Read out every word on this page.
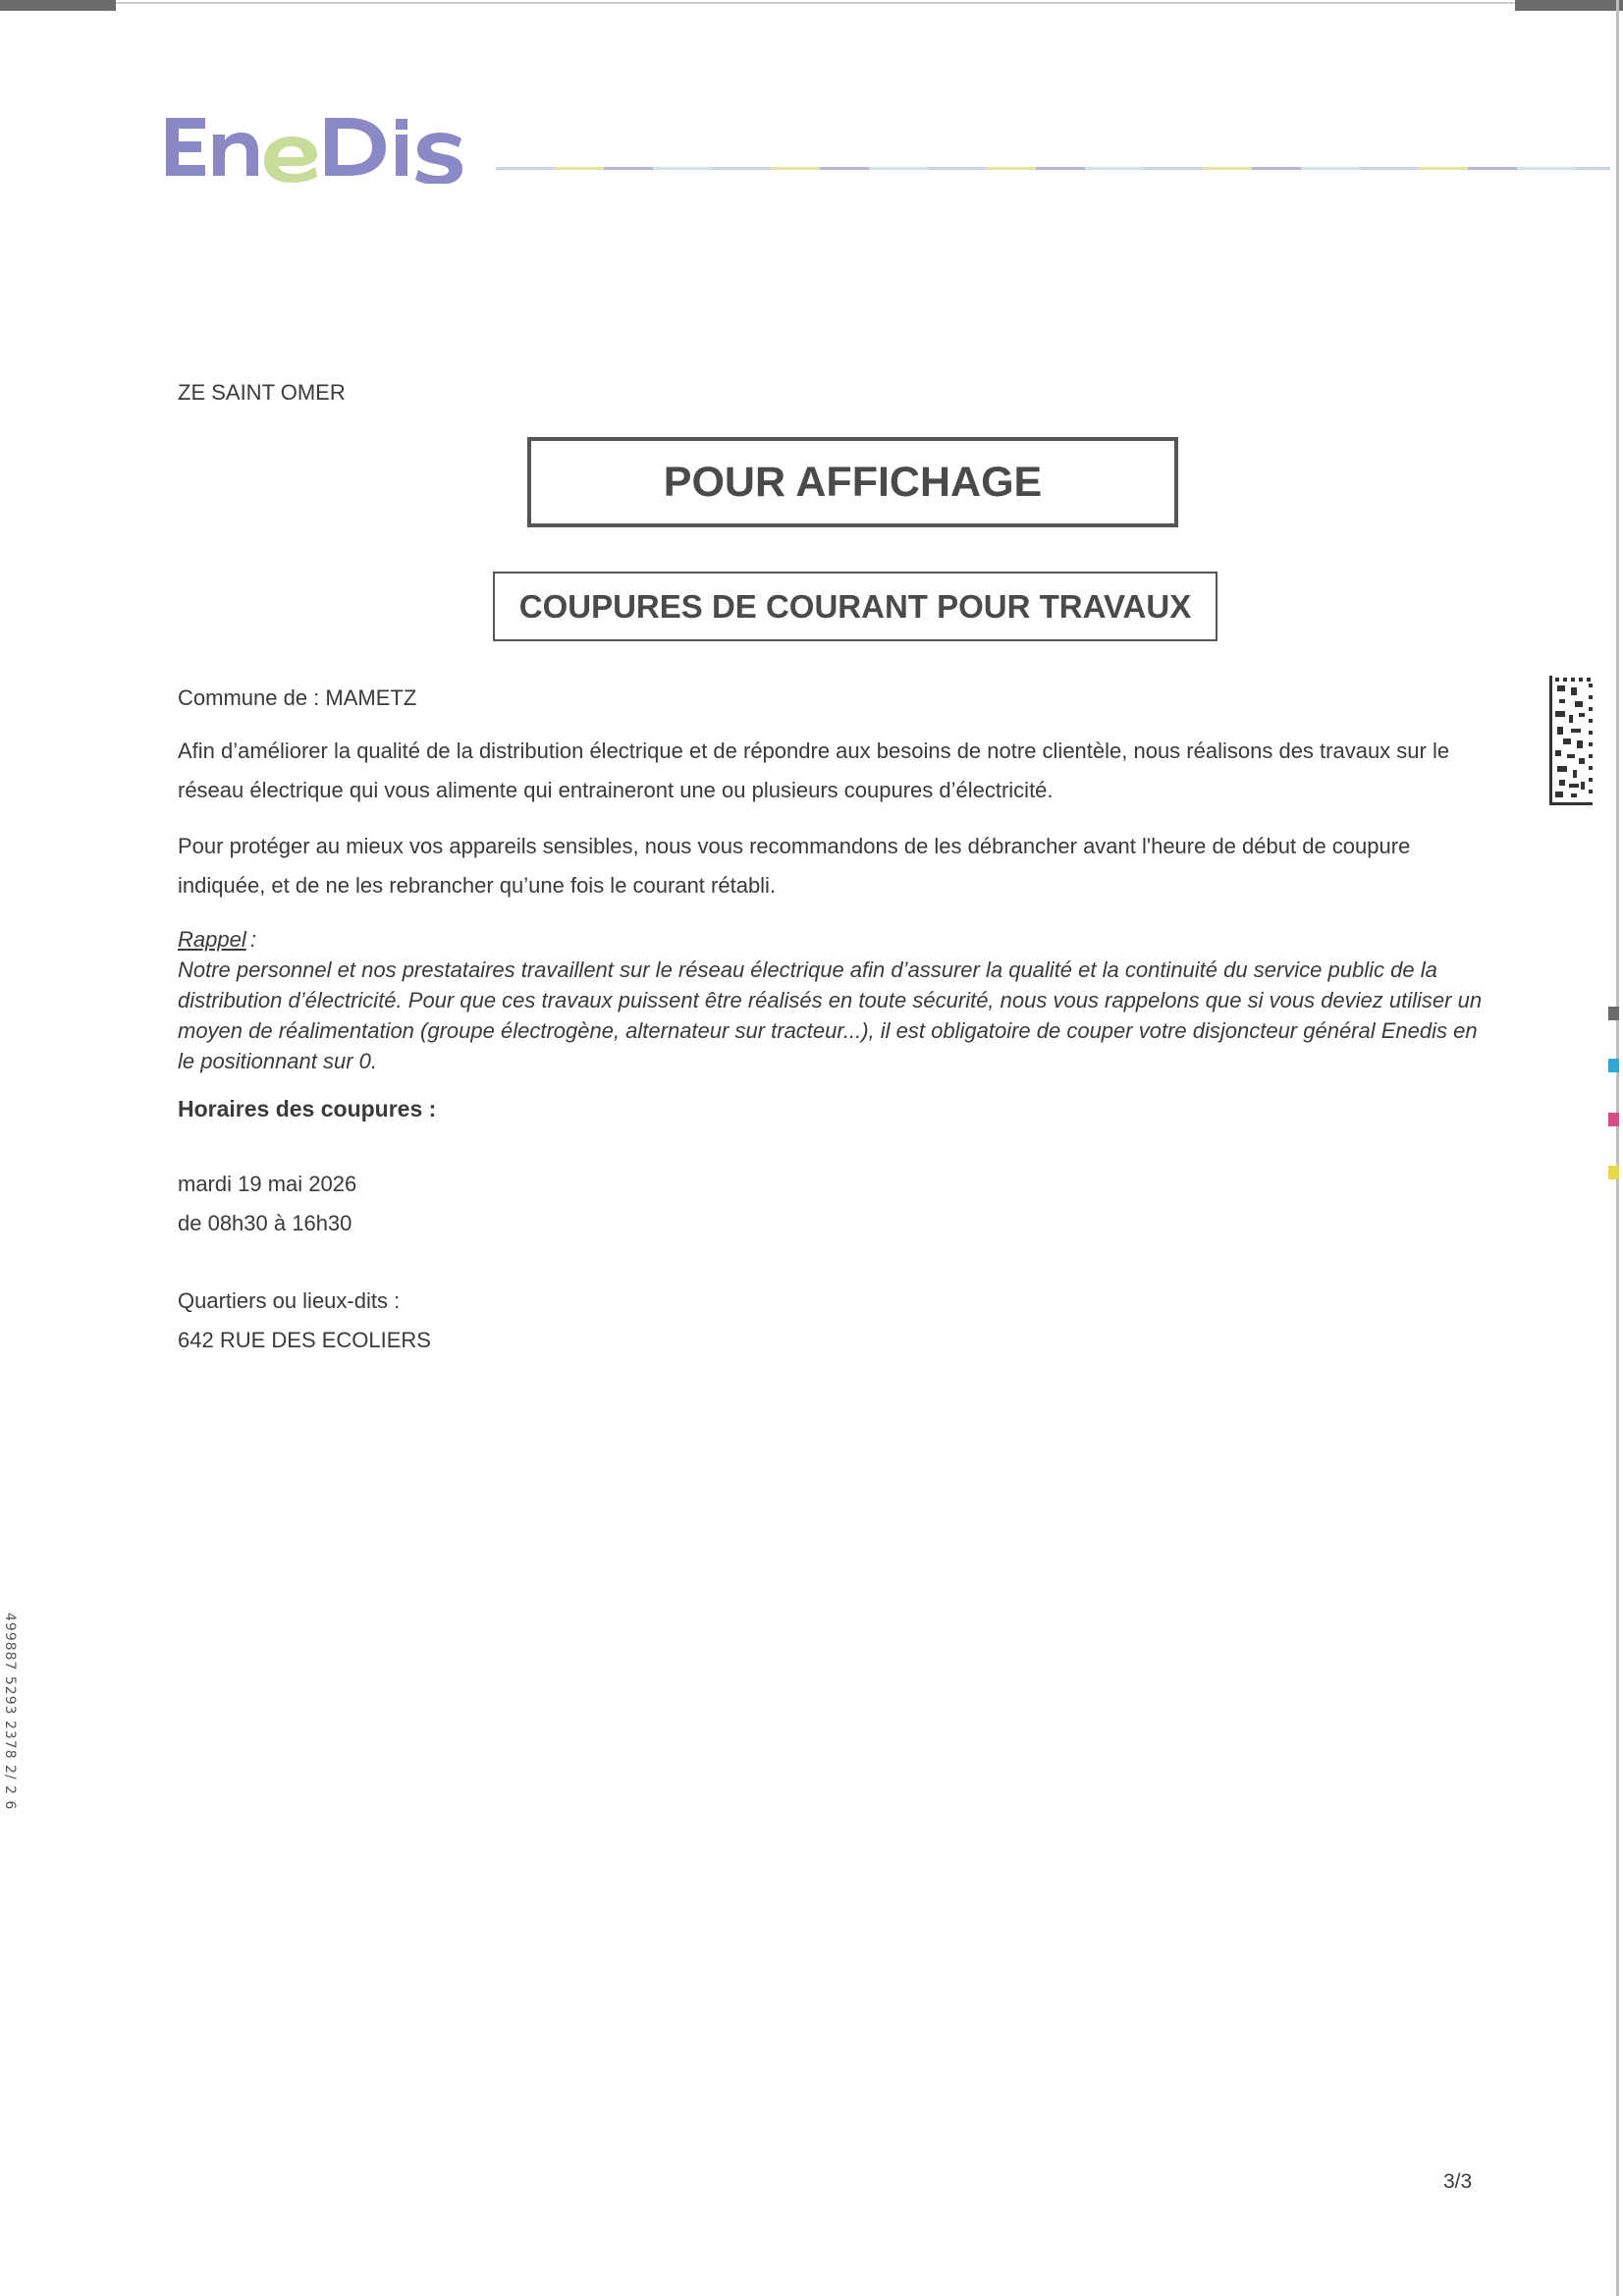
ZE SAINT OMER
POUR AFFICHAGE
COUPURES DE COURANT POUR TRAVAUX
Commune de : MAMETZ

Afin d’améliorer la qualité de la distribution électrique et de répondre aux besoins de notre clientèle, nous réalisons des travaux sur le réseau électrique qui vous alimente qui entraineront une ou plusieurs coupures d’électricité.

Pour protéger au mieux vos appareils sensibles, nous vous recommandons de les débrancher avant l'heure de début de coupure indiquée, et de ne les rebrancher qu’une fois le courant rétabli.

Rappel :

Notre personnel et nos prestataires travaillent sur le réseau électrique afin d’assurer la qualité et la continuité du service public de la distribution d’électricité. Pour que ces travaux puissent être réalisés en toute sécurité, nous vous rappelons que si vous deviez utiliser un moyen de réalimentation (groupe électrogène, alternateur sur tracteur...), il est obligatoire de couper votre disjoncteur général Enedis en le positionnant sur 0.

Horaires des coupures :
mardi 19 mai 2026
de 08h30 à 16h30
Quartiers ou lieux-dits :
642 RUE DES ECOLIERS
499887 5293 2378 2/ 2 6
3/3
